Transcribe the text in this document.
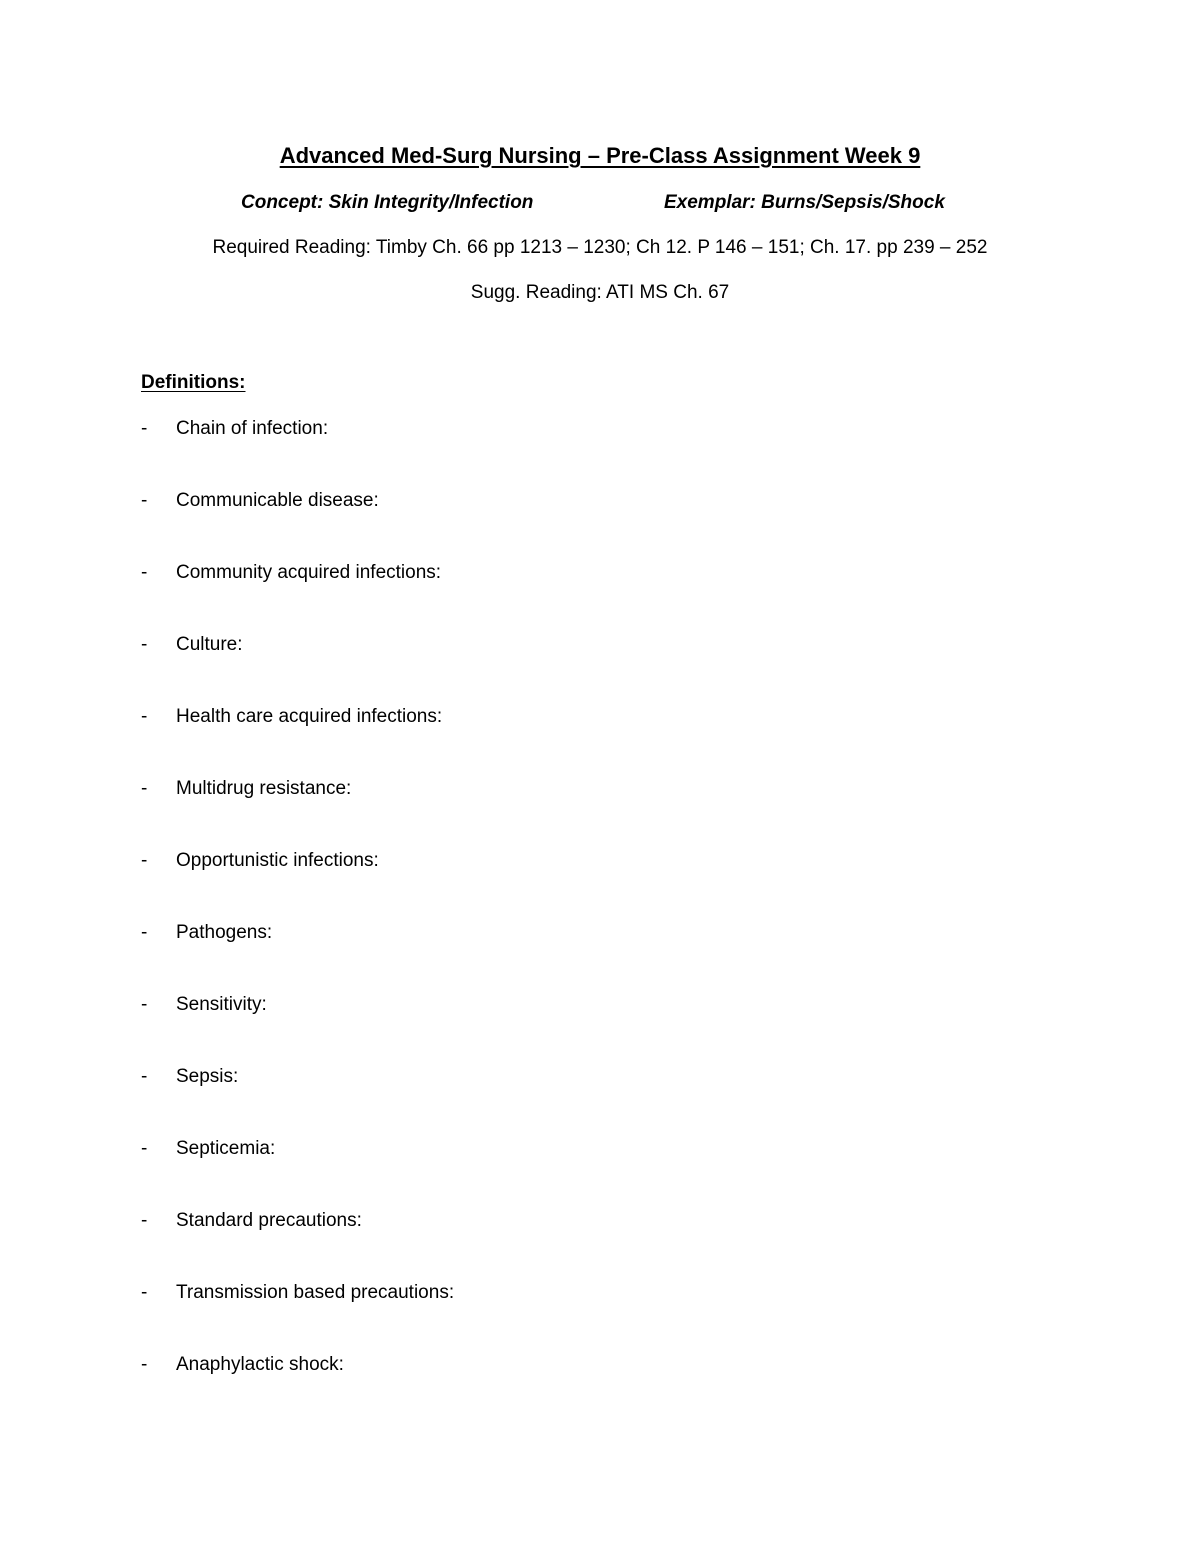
Advanced Med-Surg Nursing – Pre-Class Assignment Week 9
Concept: Skin Integrity/Infection	Exemplar: Burns/Sepsis/Shock
Required Reading: Timby Ch. 66 pp 1213 – 1230; Ch 12. P 146 – 151; Ch. 17. pp 239 – 252
Sugg. Reading: ATI MS Ch. 67
Definitions:
-	Chain of infection:
-	Communicable disease:
-	Community acquired infections:
-	Culture:
-	Health care acquired infections:
-	Multidrug resistance:
-	Opportunistic infections:
-	Pathogens:
-	Sensitivity:
-	Sepsis:
-	Septicemia:
-	Standard precautions:
-	Transmission based precautions:
-	Anaphylactic shock:
